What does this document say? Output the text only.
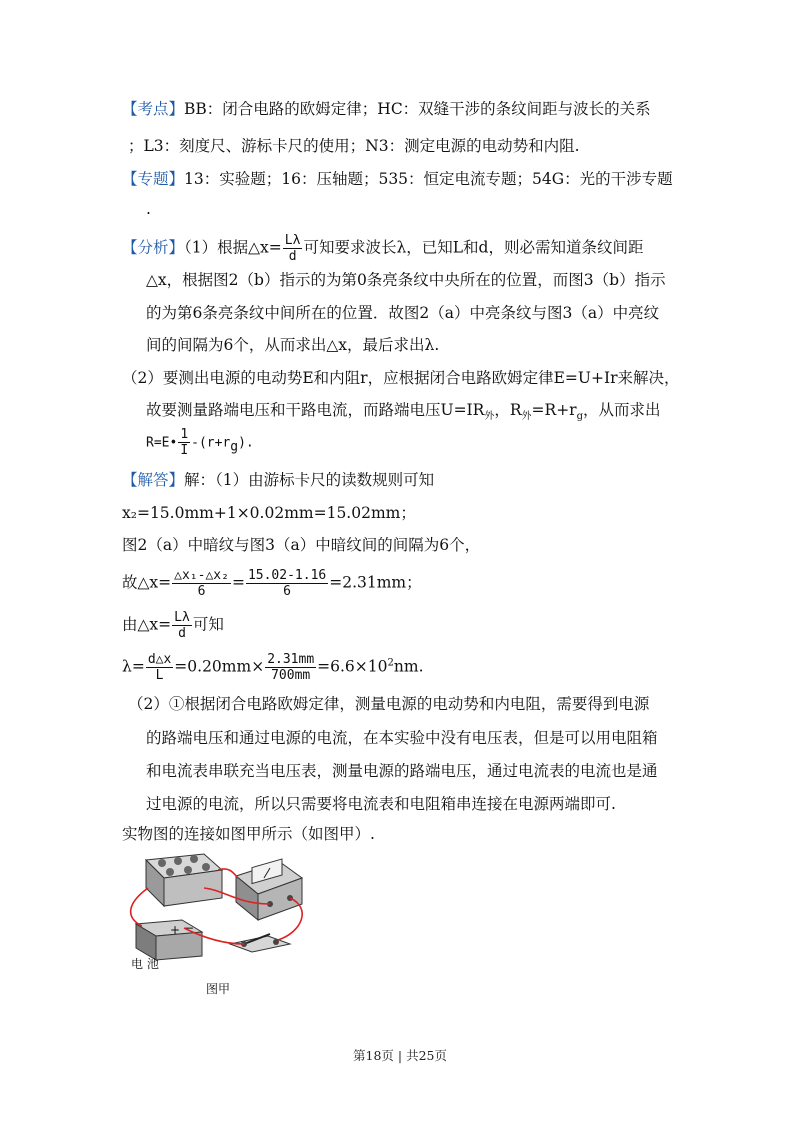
【考点】BB：闭合电路的欧姆定律；HC：双缝干涉的条纹间距与波长的关系
；L3：刻度尺、游标卡尺的使用；N3：测定电源的电动势和内阻.
【专题】13：实验题；16：压轴题；535：恒定电流专题；54G：光的干涉专题
.
【分析】（1）根据△x= $\frac{L\lambda}{d}$ 可知要求波长λ，已知L和d，则必需知道条纹间距
△x，根据图2（b）指示的为第0条亮条纹中央所在的位置，而图3（b）指示
的为第6条亮条纹中间所在的位置．故图2（a）中亮条纹与图3（a）中亮纹
间的间隔为6个，从而求出△x，最后求出λ.
（2）要测出电源的电动势E和内阻r，应根据闭合电路欧姆定律E=U+Ir来解决，
故要测量路端电压和干路电流，而路端电压$U=IR_外$，$R_外=R+r_g$，从而求出
R=E• $\frac{1}{I} -(r+r_g)$.
【解答】解：（1）由游标卡尺的读数规则可知
x₂=15.0mm+1×0.02mm=15.02mm；
图2（a）中暗纹与图3（a）中暗纹间的间隔为6个，
故△x= $\frac{\text{△x₁-△x₂}}{6} = \frac{15.02-1.16}{6} =2.31mm$；
由△x= $\frac{L\lambda}{d}$ 可知
$\lambda= \frac{d\triangle x}{L} =0.20mm\times \frac{2.31mm}{700mm} =6.6\times 10^2nm$.
（2）①根据闭合电路欧姆定律，测量电源的电动势和内电阻，需要得到电源
的路端电压和通过电源的电流，在本实验中没有电压表，但是可以用电阻箱
和电流表串联充当电压表，测量电源的路端电压，通过电流表的电流也是通
过电源的电流，所以只需要将电流表和电阻箱串连接在电源两端即可.
实物图的连接如图甲所示（如图甲）.
+ −
电 池
图甲
第18页 | 共25页
